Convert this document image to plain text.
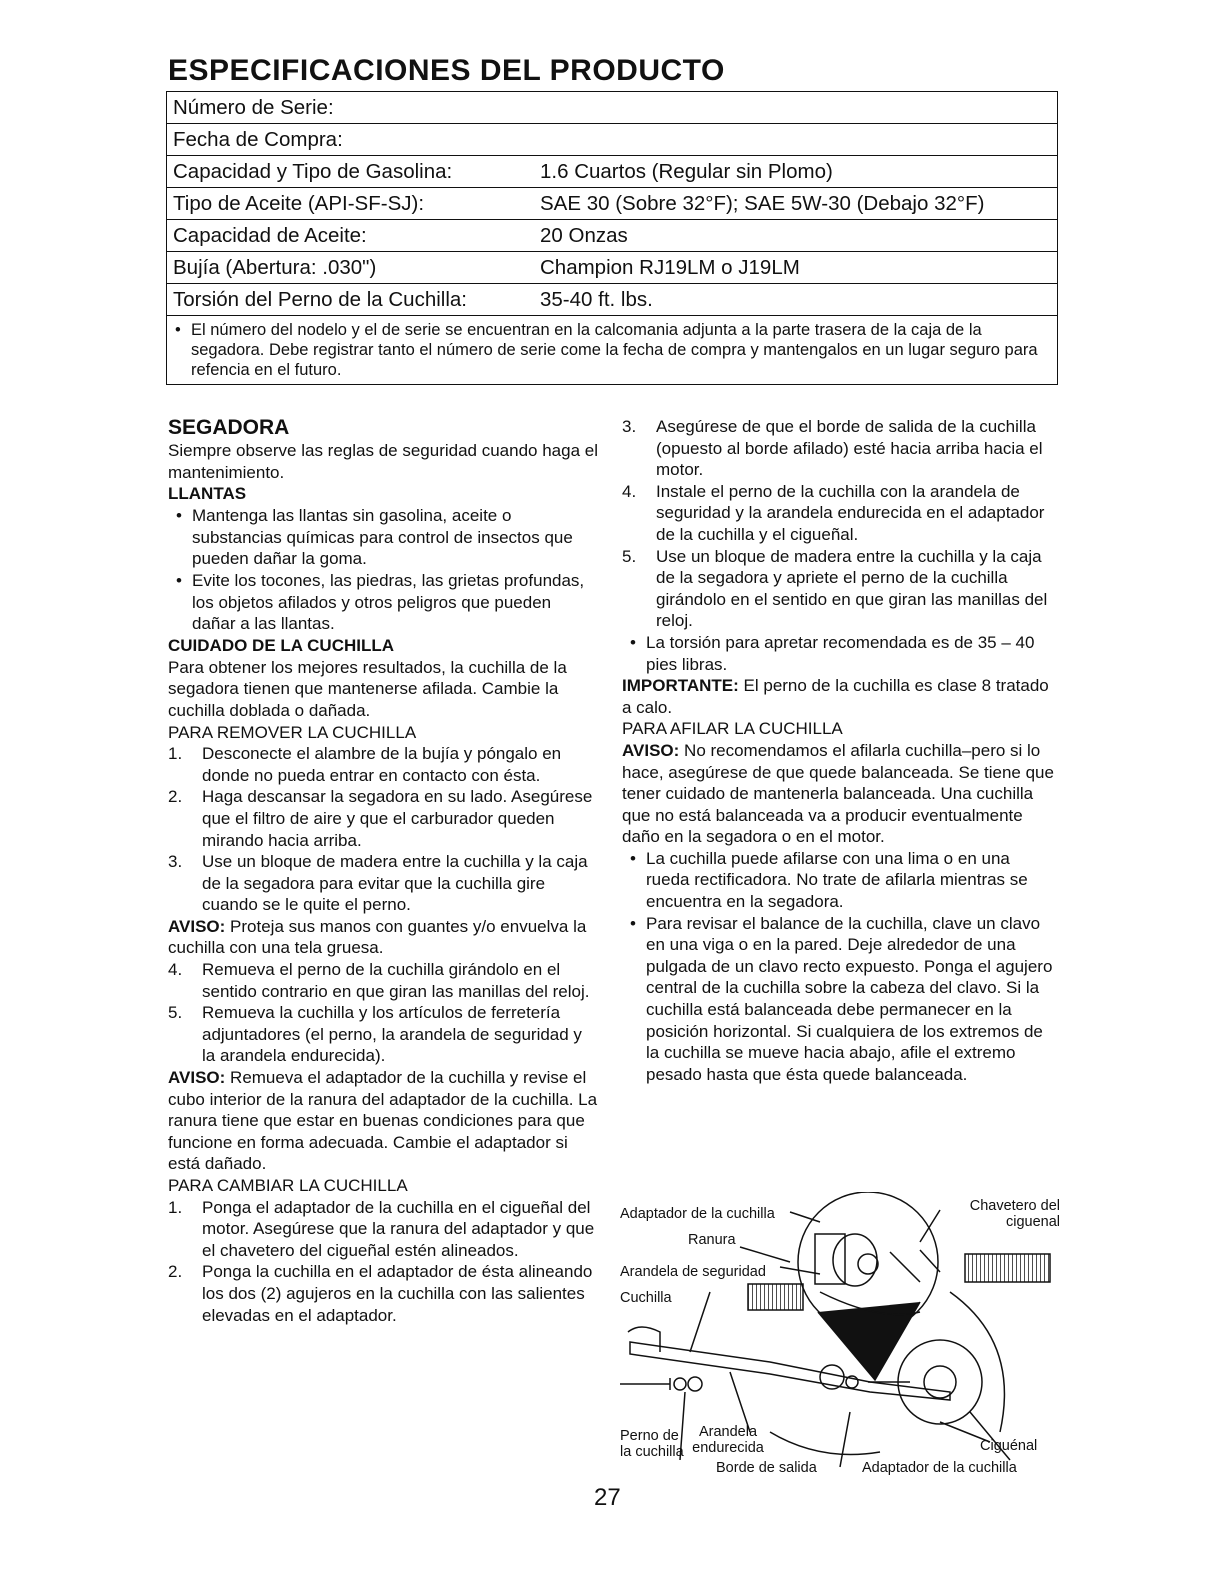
ESPECIFICACIONES DEL PRODUCTO
Número de Serie:	
Fecha de Compra:	
Capacidad y Tipo de Gasolina:	1.6 Cuartos (Regular sin Plomo)
Tipo de Aceite (API-SF-SJ):	SAE 30 (Sobre 32°F); SAE 5W-30 (Debajo 32°F)
Capacidad de Aceite:	20 Onzas
Bujía (Abertura: .030")	Champion RJ19LM o J19LM
Torsión del Perno de la Cuchilla:	35-40 ft. lbs.

• El número del nodelo y el de serie se encuentran en la calcomania adjunta a la parte trasera de la caja de la segadora. Debe registrar tanto el número de serie come la fecha de compra y mantengalos en un lugar seguro para refencia en el futuro.	
SEGADORA

Siempre observe las reglas de seguridad cuando haga el mantenimiento.

LLANTAS
• Mantenga las llantas sin gasolina, aceite o substancias químicas para control de insectos que pueden dañar la goma.
• Evite los tocones, las piedras, las grietas profundas, los objetos afilados y otros peligros que pueden dañar a las llantas.
CUIDADO DE LA CUCHILLA

Para obtener los mejores resultados, la cuchilla de la segadora tienen que mantenerse afilada. Cambie la cuchilla doblada o dañada.

PARA REMOVER LA CUCHILLA

1.	Desconecte el alambre de la bujía y póngalo en donde no pueda entrar en contacto con ésta.
2.	Haga descansar la segadora en su lado. Asegúrese que el filtro de aire y que el carburador queden mirando hacia arriba.
3.	Use un bloque de madera entre la cuchilla y la caja de la segadora para evitar que la cuchilla gire cuando se le quite el perno.

AVISO: Proteja sus manos con guantes y/o envuelva la cuchilla con una tela gruesa.

4.	Remueva el perno de la cuchilla girándolo en el sentido contrario en que giran las manillas del reloj.
5.	Remueva la cuchilla y los artículos de ferretería adjuntadores (el perno, la arandela de seguridad y la arandela endurecida).

AVISO: Remueva el adaptador de la cuchilla y revise el cubo interior de la ranura del adaptador de la cuchilla. La ranura tiene que estar en buenas condiciones para que funcione en forma adecuada. Cambie el adaptador si está dañado.

PARA CAMBIAR LA CUCHILLA

1.	Ponga el adaptador de la cuchilla en el cigueñal del motor. Asegúrese que la ranura del adaptador y que el chavetero del cigueñal estén alineados.
2.	Ponga la cuchilla en el adaptador de ésta alineando los dos (2) agujeros en la cuchilla con las salientes elevadas en el adaptador.
3.	Asegúrese de que el borde de salida de la cuchilla (opuesto al borde afilado) esté hacia arriba hacia el motor.
4.	Instale el perno de la cuchilla con la arandela de seguridad y la arandela endurecida en el adaptador de la cuchilla y el cigueñal.
5.	Use un bloque de madera entre la cuchilla y la caja de la segadora y apriete el perno de la cuchilla girándolo en el sentido en que giran las manillas del reloj.
• La torsión para apretar recomendada es de 35 – 40 pies libras.

IMPORTANTE: El perno de la cuchilla es clase 8 tratado a calo.

PARA AFILAR LA CUCHILLA

AVISO: No recomendamos el afilarla cuchilla–pero si lo hace, asegúrese de que quede balanceada. Se tiene que tener cuidado de mantenerla balanceada. Una cuchilla que no está balanceada va a producir eventualmente daño en la segadora o en el motor.

• La cuchilla puede afilarse con una lima o en una rueda rectificadora. No trate de afilarla mientras se encuentra en la segadora.
• Para revisar el balance de la cuchilla, clave un clavo en una viga o en la pared. Deje alrededor de una pulgada de un clavo recto expuesto. Ponga el agujero central de la cuchilla sobre la cabeza del clavo. Si la cuchilla está balanceada debe permanecer en la posición horizontal. Si cualquiera de los extremos de la cuchilla se mueve hacia abajo, afile el extremo pesado hasta que ésta quede balanceada.
Adaptador de la cuchilla	Chavetero del ciguenal
Ranura
Arandela de seguridad
Cuchilla
Perno de la cuchilla
Arandela endurecida
Borde de salida	Adaptador de la cuchilla
Ciguénal
27
